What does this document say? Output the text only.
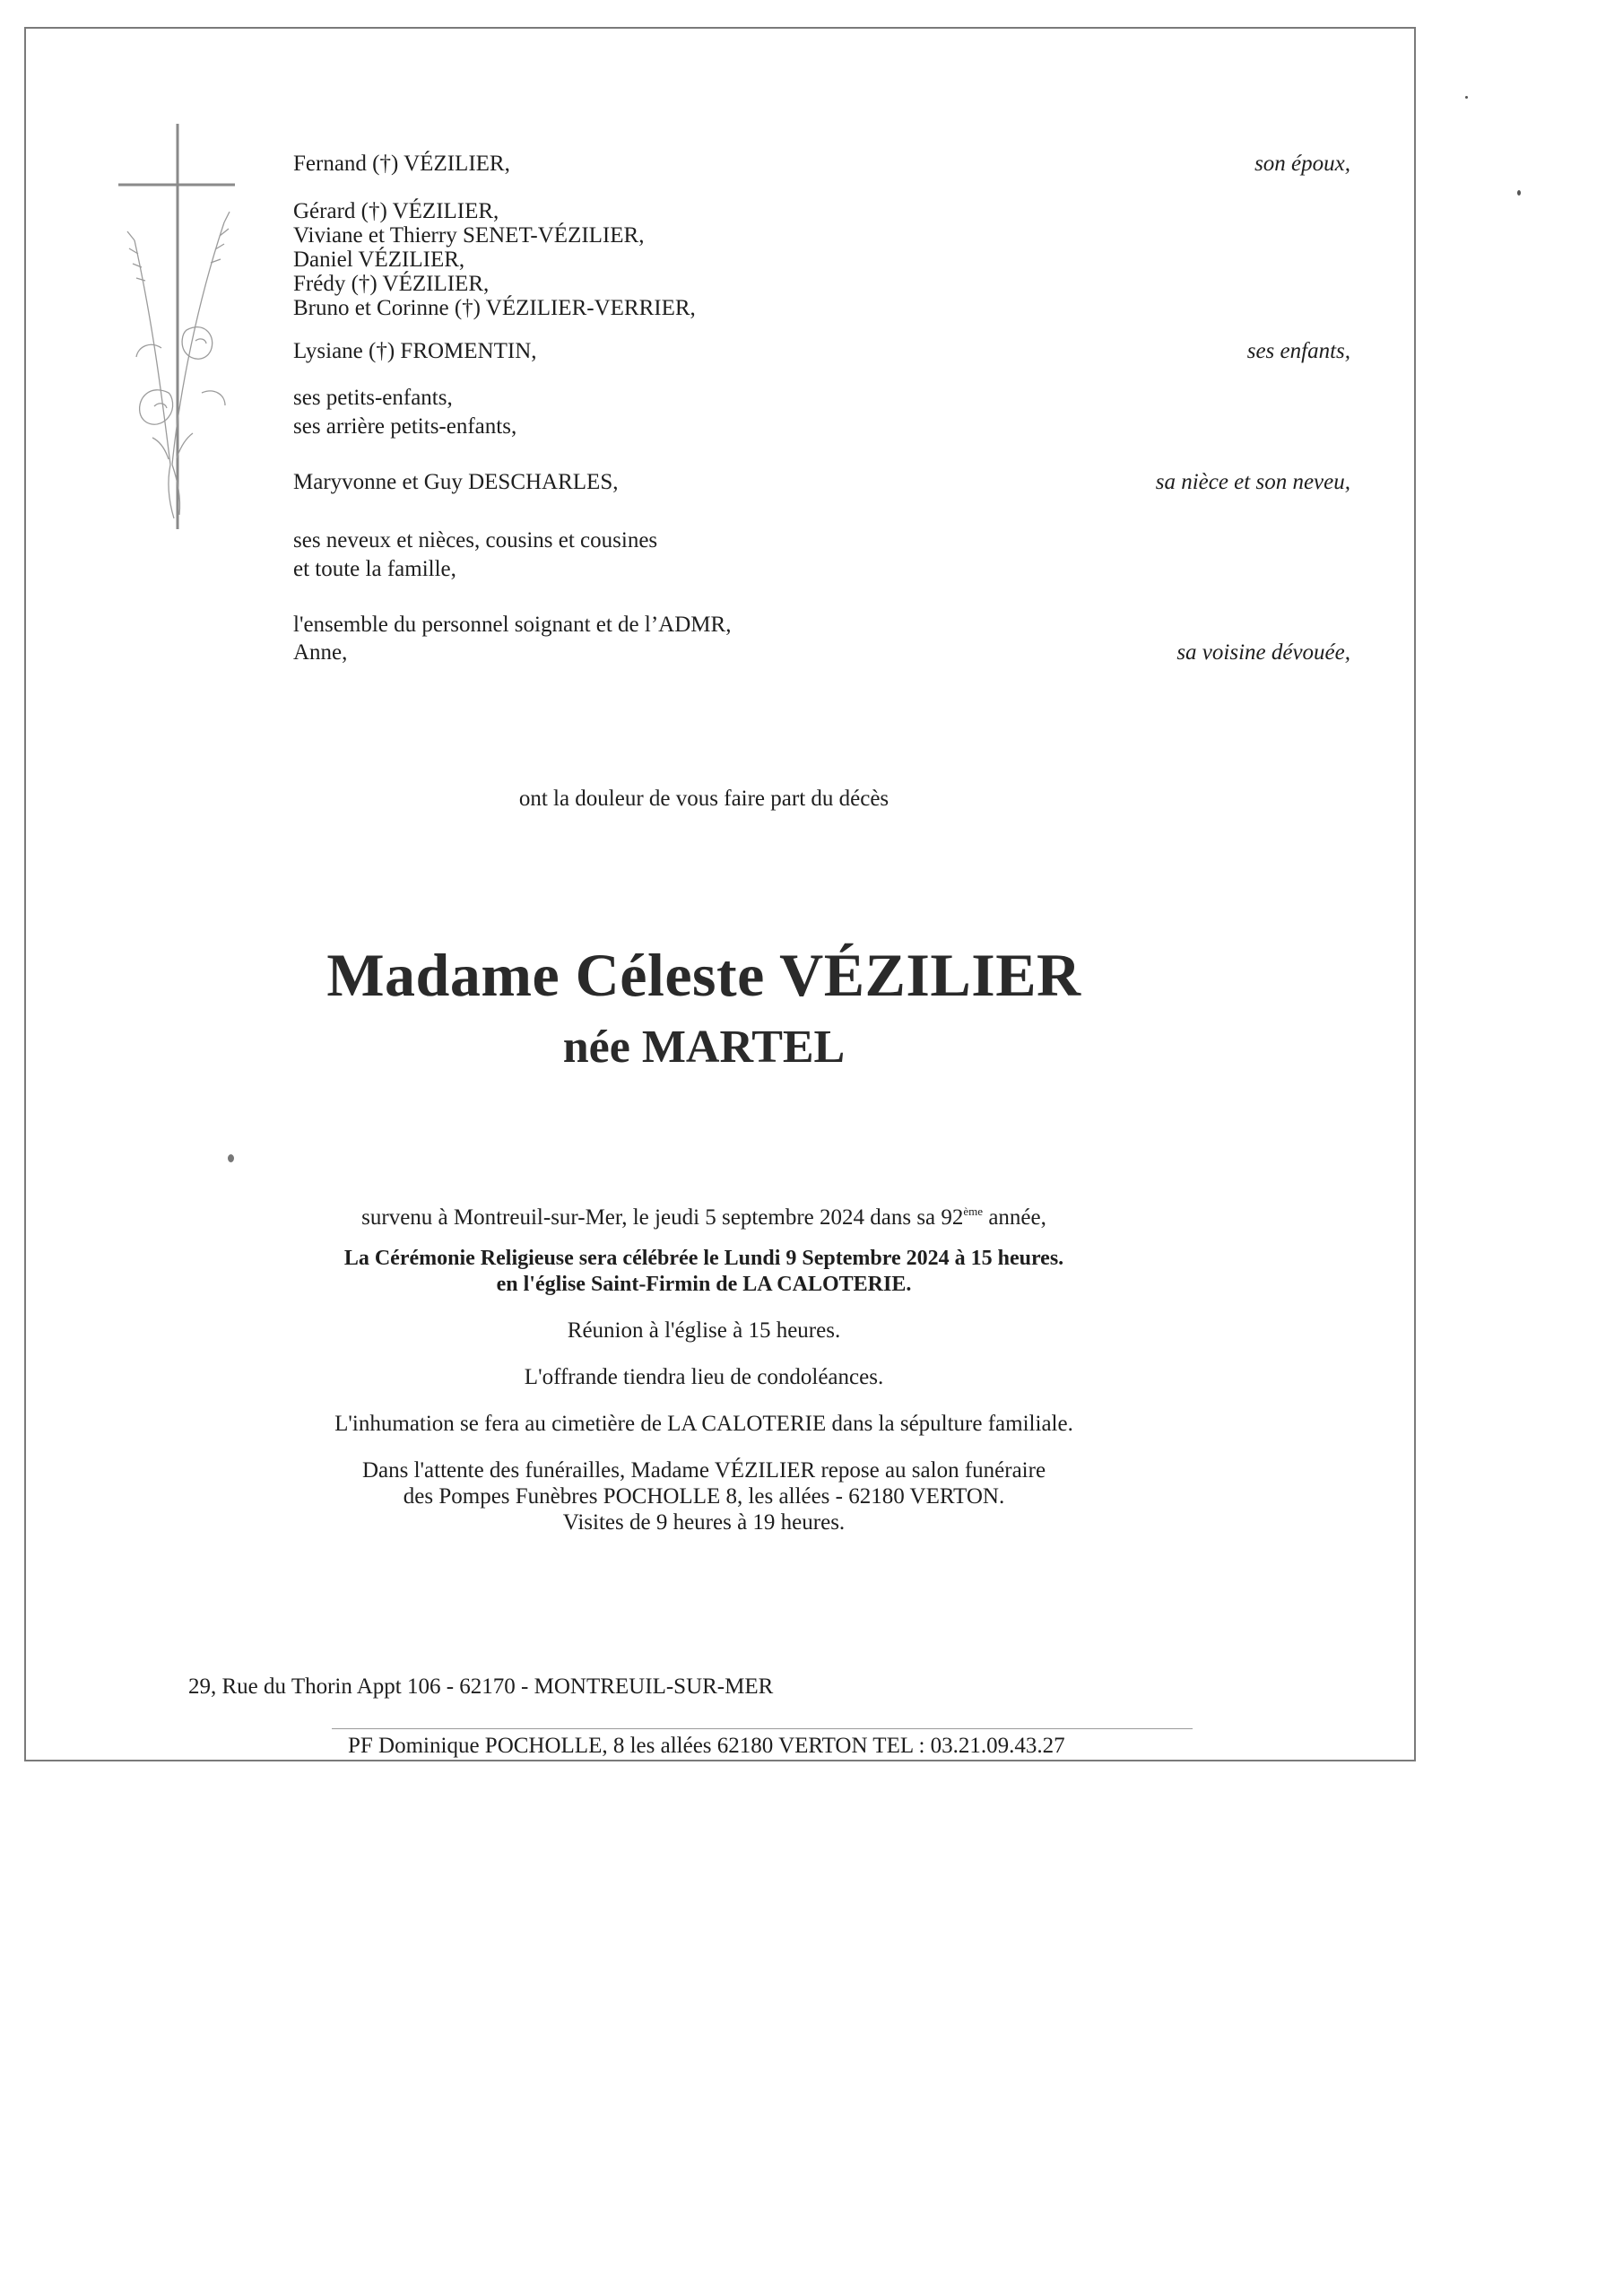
Fernand (†) VÉZILIER,	son époux,
Gérard (†) VÉZILIER,
Viviane et Thierry SENET-VÉZILIER,
Daniel VÉZILIER,
Frédy (†) VÉZILIER,
Bruno et Corinne (†) VÉZILIER-VERRIER,
Lysiane (†) FROMENTIN,	ses enfants,
ses petits-enfants,
ses arrière petits-enfants,
Maryvonne et Guy DESCHARLES,	sa nièce et son neveu,
ses neveux et nièces, cousins et cousines
et toute la famille,
l'ensemble du personnel soignant et de l’ADMR,
Anne,	sa voisine dévouée,
ont la douleur de vous faire part du décès
Madame Céleste VÉZILIER
née MARTEL
survenu à Montreuil-sur-Mer, le jeudi 5 septembre 2024 dans sa 92ème année,
La Cérémonie Religieuse sera célébrée le Lundi 9 Septembre 2024 à 15 heures.
en l'église Saint-Firmin de LA CALOTERIE.
Réunion à l'église à 15 heures.
L'offrande tiendra lieu de condoléances.
L'inhumation se fera au cimetière de LA CALOTERIE dans la sépulture familiale.
Dans l'attente des funérailles, Madame VÉZILIER repose au salon funéraire
des Pompes Funèbres POCHOLLE 8, les allées - 62180 VERTON.
Visites de 9 heures à 19 heures.
29, Rue du Thorin Appt 106 - 62170 - MONTREUIL-SUR-MER
PF Dominique POCHOLLE, 8 les allées 62180 VERTON TEL : 03.21.09.43.27
